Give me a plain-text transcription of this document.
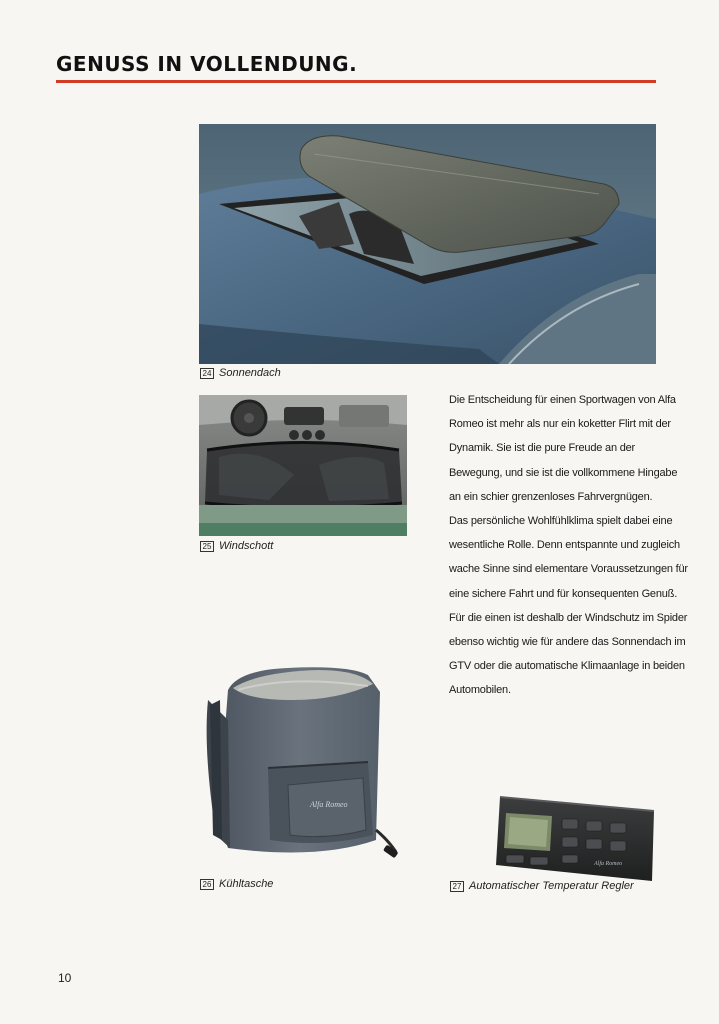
GENUSS IN VOLLENDUNG.
24 Sonnendach
25 Windschott

Die Entscheidung für einen Sportwagen von Alfa Romeo ist mehr als nur ein koketter Flirt mit der Dynamik. Sie ist die pure Freude an der Bewegung, und sie ist die vollkommene Hingabe an ein schier grenzenloses Fahrvergnügen.

Das persönliche Wohlfühlklima spielt dabei eine wesentliche Rolle. Denn entspannte und zugleich wache Sinne sind elementare Voraussetzungen für eine sichere Fahrt und für konsequenten Genuß. Für die einen ist deshalb der Windschutz im Spider ebenso wichtig wie für andere das Sonnendach im GTV oder die automatische Klimaanlage in beiden Automobilen.

Alfa Romeo
26 Kühltasche
Alfa Romeo
27 Automatischer Temperatur Regler
10
